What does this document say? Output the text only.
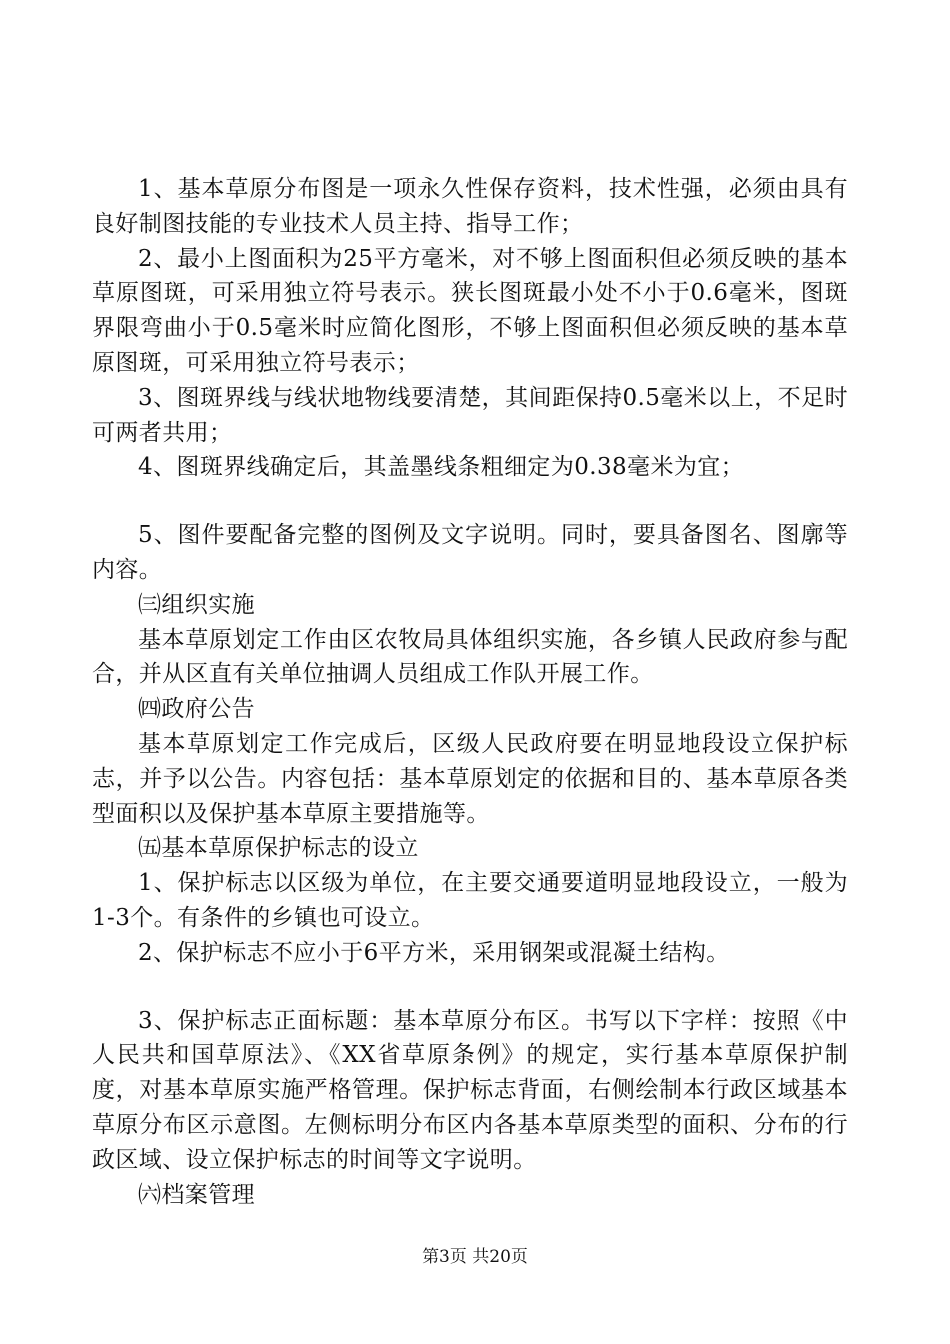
1、基本草原分布图是一项永久性保存资料，技术性强，必须由具有良好制图技能的专业技术人员主持、指导工作；

2、最小上图面积为25平方毫米，对不够上图面积但必须反映的基本草原图斑，可采用独立符号表示。狭长图斑最小处不小于0.6毫米，图斑界限弯曲小于0.5毫米时应简化图形，不够上图面积但必须反映的基本草原图斑，可采用独立符号表示；

3、图斑界线与线状地物线要清楚，其间距保持0.5毫米以上，不足时可两者共用；

4、图斑界线确定后，其盖墨线条粗细定为0.38毫米为宜；

5、图件要配备完整的图例及文字说明。同时，要具备图名、图廓等内容。

㈢组织实施

基本草原划定工作由区农牧局具体组织实施，各乡镇人民政府参与配合，并从区直有关单位抽调人员组成工作队开展工作。

㈣政府公告

基本草原划定工作完成后，区级人民政府要在明显地段设立保护标志，并予以公告。内容包括：基本草原划定的依据和目的、基本草原各类型面积以及保护基本草原主要措施等。

㈤基本草原保护标志的设立

1、保护标志以区级为单位，在主要交通要道明显地段设立，一般为1-3个。有条件的乡镇也可设立。

2、保护标志不应小于6平方米，采用钢架或混凝土结构。

3、保护标志正面标题：基本草原分布区。书写以下字样：按照《中人民共和国草原法》、《XX省草原条例》的规定，实行基本草原保护制度，对基本草原实施严格管理。保护标志背面，右侧绘制本行政区域基本草原分布区示意图。左侧标明分布区内各基本草原类型的面积、分布的行政区域、设立保护标志的时间等文字说明。

㈥档案管理

第3页 共20页
